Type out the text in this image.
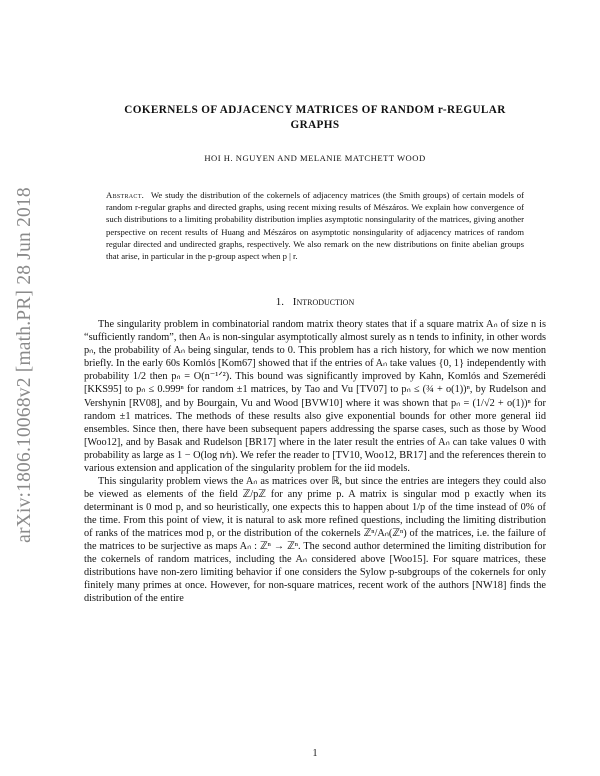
arXiv:1806.10068v2 [math.PR] 28 Jun 2018
COKERNELS OF ADJACENCY MATRICES OF RANDOM r-REGULAR
GRAPHS
HOI H. NGUYEN AND MELANIE MATCHETT WOOD
Abstract. We study the distribution of the cokernels of adjacency matrices (the Smith groups) of certain models of random r-regular graphs and directed graphs, using recent mixing results of Mészáros. We explain how convergence of such distributions to a limiting probability distribution implies asymptotic nonsingularity of the matrices, giving another perspective on recent results of Huang and Mészáros on asymptotic nonsingularity of adjacency matrices of random regular directed and undirected graphs, respectively. We also remark on the new distributions on finite abelian groups that arise, in particular in the p-group aspect when p | r.
1. Introduction

The singularity problem in combinatorial random matrix theory states that if a square matrix Aₙ of size n is “sufficiently random”, then Aₙ is non-singular asymptotically almost surely as n tends to infinity, in other words pₙ, the probability of Aₙ being singular, tends to 0. This problem has a rich history, for which we now mention briefly. In the early 60s Komlós [Kom67] showed that if the entries of Aₙ take values {0, 1} independently with probability 1/2 then pₙ = O(n⁻¹ᐟ²). This bound was significantly improved by Kahn, Komlós and Szemerédi [KKS95] to pₙ ≤ 0.999ⁿ for random ±1 matrices, by Tao and Vu [TV07] to pₙ ≤ (¾ + o(1))ⁿ, by Rudelson and Vershynin [RV08], and by Bourgain, Vu and Wood [BVW10] where it was shown that pₙ = (1/√2 + o(1))ⁿ for random ±1 matrices. The methods of these results also give exponential bounds for other more general iid ensembles. Since then, there have been subsequent papers addressing the sparse cases, such as those by Wood [Woo12], and by Basak and Rudelson [BR17] where in the later result the entries of Aₙ can take values 0 with probability as large as 1 − O(log n⁄n). We refer the reader to [TV10, Woo12, BR17] and the references therein to various extension and application of the singularity problem for the iid models.

This singularity problem views the Aₙ as matrices over ℝ, but since the entries are integers they could also be viewed as elements of the field ℤ/pℤ for any prime p. A matrix is singular mod p exactly when its determinant is 0 mod p, and so heuristically, one expects this to happen about 1/p of the time instead of 0% of the time. From this point of view, it is natural to ask more refined questions, including the limiting distribution of ranks of the matrices mod p, or the distribution of the cokernels ℤⁿ/Aₙ(ℤⁿ) of the matrices, i.e. the failure of the matrices to be surjective as maps Aₙ : ℤⁿ → ℤⁿ. The second author determined the limiting distribution for the cokernels of random matrices, including the Aₙ considered above [Woo15]. For square matrices, these distributions have non-zero limiting behavior if one considers the Sylow p-subgroups of the cokernels for only finitely many primes at once. However, for non-square matrices, recent work of the authors [NW18] finds the distribution of the entire

1
